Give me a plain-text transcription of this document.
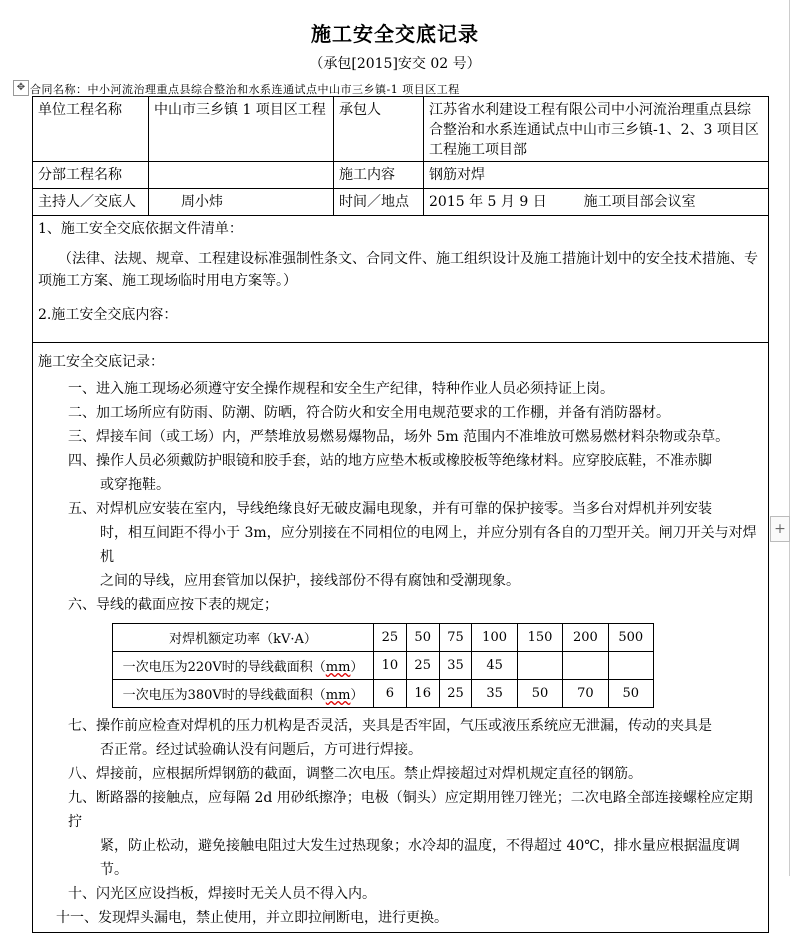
施工安全交底记录
（承包[2015]安交 02 号）
✥ 合同名称：中小河流治理重点县综合整治和水系连通试点中山市三乡镇-1 项目区工程
+
单位工程名称	中山市三乡镇 1 项目区工程	承包人	江苏省水利建设工程有限公司中小河流治理重点县综合整治和水系连通试点中山市三乡镇-1、2、3 项目区工程施工项目部
分部工程名称		施工内容	钢筋对焊
主持人／交底人	周小炜	时间／地点	2015 年 5 月 9 日	施工项目部会议室

1、施工安全交底依据文件清单：

（法律、法规、规章、工程建设标准强制性条文、合同文件、施工组织设计及施工措施计划中的安全技术措施、专项施工方案、施工现场临时用电方案等。）

2.施工安全交底内容：

施工安全交底记录：

一、进入施工现场必须遵守安全操作规程和安全生产纪律，特种作业人员必须持证上岗。

二、加工场所应有防雨、防潮、防晒，符合防火和安全用电规范要求的工作棚，并备有消防器材。

三、焊接车间（或工场）内，严禁堆放易燃易爆物品，场外 5m 范围内不准堆放可燃易燃材料杂物或杂草。

四、操作人员必须戴防护眼镜和胶手套，站的地方应垫木板或橡胶板等绝缘材料。应穿胶底鞋，不准赤脚

或穿拖鞋。

五、对焊机应安装在室内，导线绝缘良好无破皮漏电现象，并有可靠的保护接零。当多台对焊机并列安装

时，相互间距不得小于 3m，应分别接在不同相位的电网上，并应分别有各自的刀型开关。闸刀开关与对焊机

之间的导线，应用套管加以保护，接线部份不得有腐蚀和受潮现象。

六、导线的截面应按下表的规定；

对焊机额定功率（kV·A）	25	50	75	100	150	200	500
一次电压为220V时的导线截面积（mm）	10	25	35	45			
一次电压为380V时的导线截面积（mm）	6	16	25	35	50	70	50

七、操作前应检查对焊机的压力机构是否灵活，夹具是否牢固，气压或液压系统应无泄漏，传动的夹具是

否正常。经过试验确认没有问题后，方可进行焊接。

八、焊接前，应根据所焊钢筋的截面，调整二次电压。禁止焊接超过对焊机规定直径的钢筋。

九、断路器的接触点，应每隔 2d 用砂纸擦净；电极（铜头）应定期用锉刀锉光；二次电路全部连接螺栓应定期拧

紧，防止松动，避免接触电阻过大发生过热现象；水冷却的温度，不得超过 40℃，排水量应根据温度调节。

十、闪光区应设挡板，焊接时无关人员不得入内。

十一、发现焊头漏电，禁止使用，并立即拉闸断电，进行更换。
